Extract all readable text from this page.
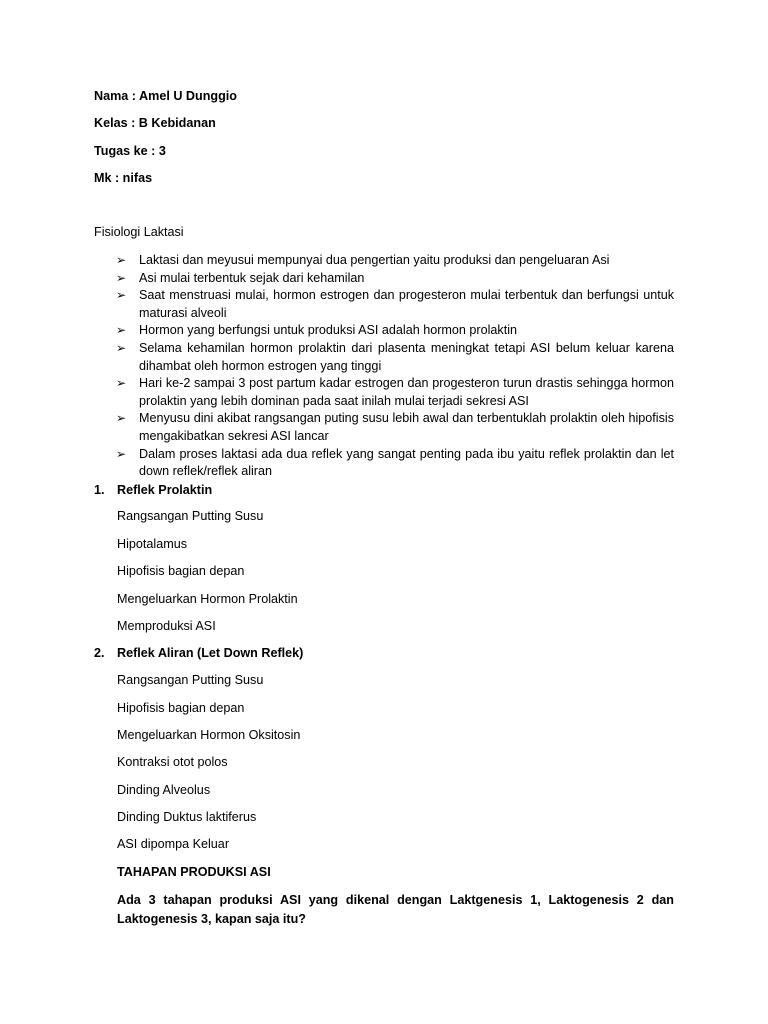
Nama : Amel U Dunggio

Kelas : B Kebidanan

Tugas ke : 3

Mk : nifas

Fisiologi Laktasi

➢ Laktasi dan meyusui mempunyai dua pengertian yaitu produksi dan pengeluaran Asi
➢ Asi mulai terbentuk sejak dari kehamilan
➢ Saat menstruasi mulai, hormon estrogen dan progesteron mulai terbentuk dan berfungsi untuk maturasi alveoli
➢ Hormon yang berfungsi untuk produksi ASI adalah hormon prolaktin
➢ Selama kehamilan hormon prolaktin dari plasenta meningkat tetapi ASI belum keluar karena dihambat oleh hormon estrogen yang tinggi
➢ Hari ke-2 sampai 3 post partum kadar estrogen dan progesteron turun drastis sehingga hormon prolaktin yang lebih dominan pada saat inilah mulai terjadi sekresi ASI
➢ Menyusu dini akibat rangsangan puting susu lebih awal dan terbentuklah prolaktin oleh hipofisis mengakibatkan sekresi ASI lancar
➢ Dalam proses laktasi ada dua reflek yang sangat penting pada ibu yaitu reflek prolaktin dan let down reflek/reflek aliran

1. Reflek Prolaktin

Rangsangan Putting Susu

Hipotalamus

Hipofisis bagian depan

Mengeluarkan Hormon Prolaktin

Memproduksi ASI

2. Reflek Aliran (Let Down Reflek)

Rangsangan Putting Susu

Hipofisis bagian depan

Mengeluarkan Hormon Oksitosin

Kontraksi otot polos

Dinding Alveolus

Dinding Duktus laktiferus

ASI dipompa Keluar

TAHAPAN PRODUKSI ASI

Ada 3 tahapan produksi ASI yang dikenal dengan Laktgenesis 1, Laktogenesis 2 dan Laktogenesis 3, kapan saja itu?
